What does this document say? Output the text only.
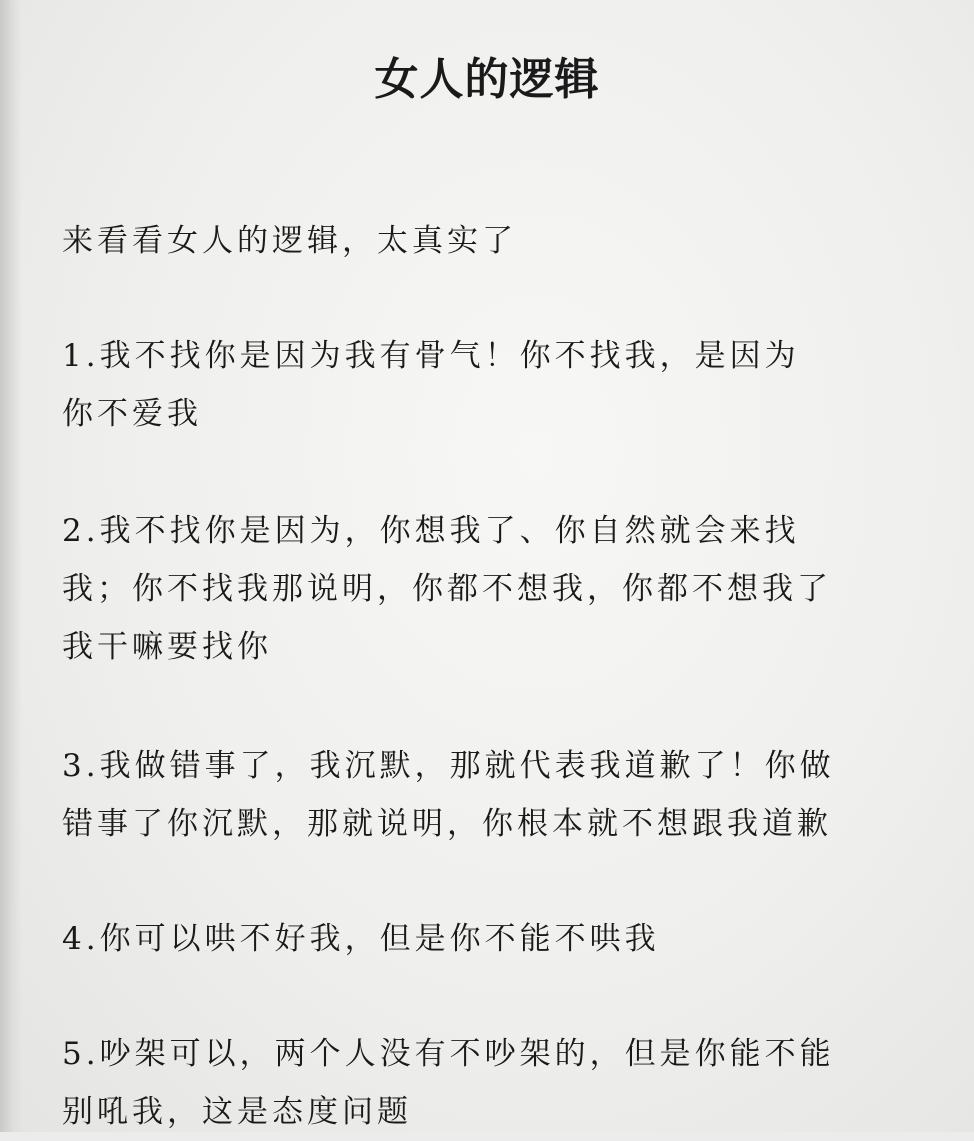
女人的逻辑

来看看女人的逻辑，太真实了

1.我不找你是因为我有骨气！你不找我，是因为
你不爱我

2.我不找你是因为，你想我了、你自然就会来找
我；你不找我那说明，你都不想我，你都不想我了
我干嘛要找你

3.我做错事了，我沉默，那就代表我道歉了！你做
错事了你沉默，那就说明，你根本就不想跟我道歉

4.你可以哄不好我，但是你不能不哄我

5.吵架可以，两个人没有不吵架的，但是你能不能
别吼我，这是态度问题
